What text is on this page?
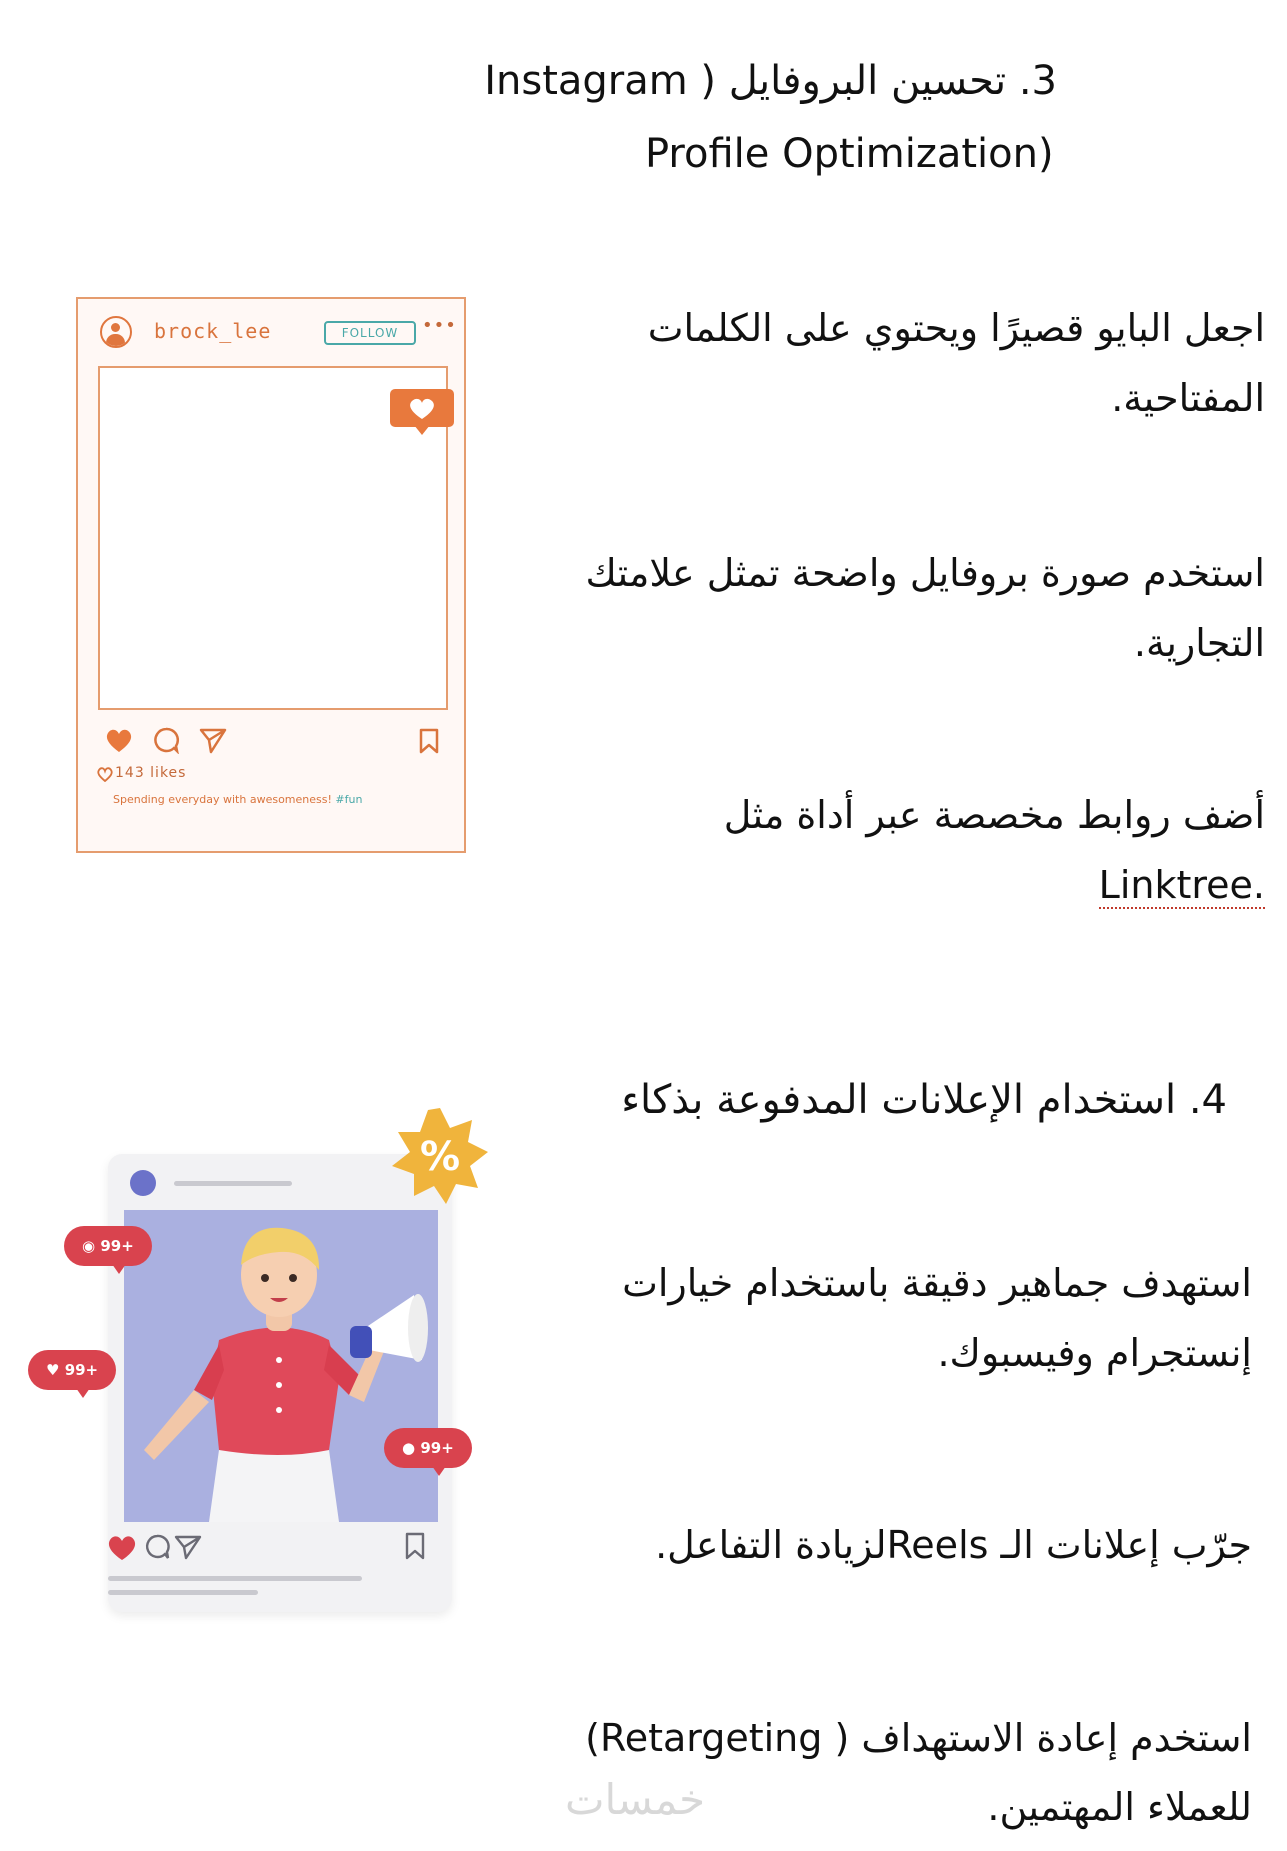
3. تحسين البروفايل ( Instagram
Profile Optimization)
اجعل البايو قصيرًا ويحتوي على الكلمات
المفتاحية.
استخدم صورة بروفايل واضحة تمثل علامتك
التجارية.
أضف روابط مخصصة عبر أداة مثل
Linktree.
4. استخدام الإعلانات المدفوعة بذكاء
استهدف جماهير دقيقة باستخدام خيارات
إنستجرام وفيسبوك.
جرّب إعلانات الـ Reelsلزيادة التفاعل.
استخدم إعادة الاستهداف ( Retargeting)
للعملاء المهتمين.
خمسات
brock_lee	FOLLOW	•••
143 likes
Spending everyday with awesomeness! #fun
%
◉ 99+
♥ 99+
● 99+
